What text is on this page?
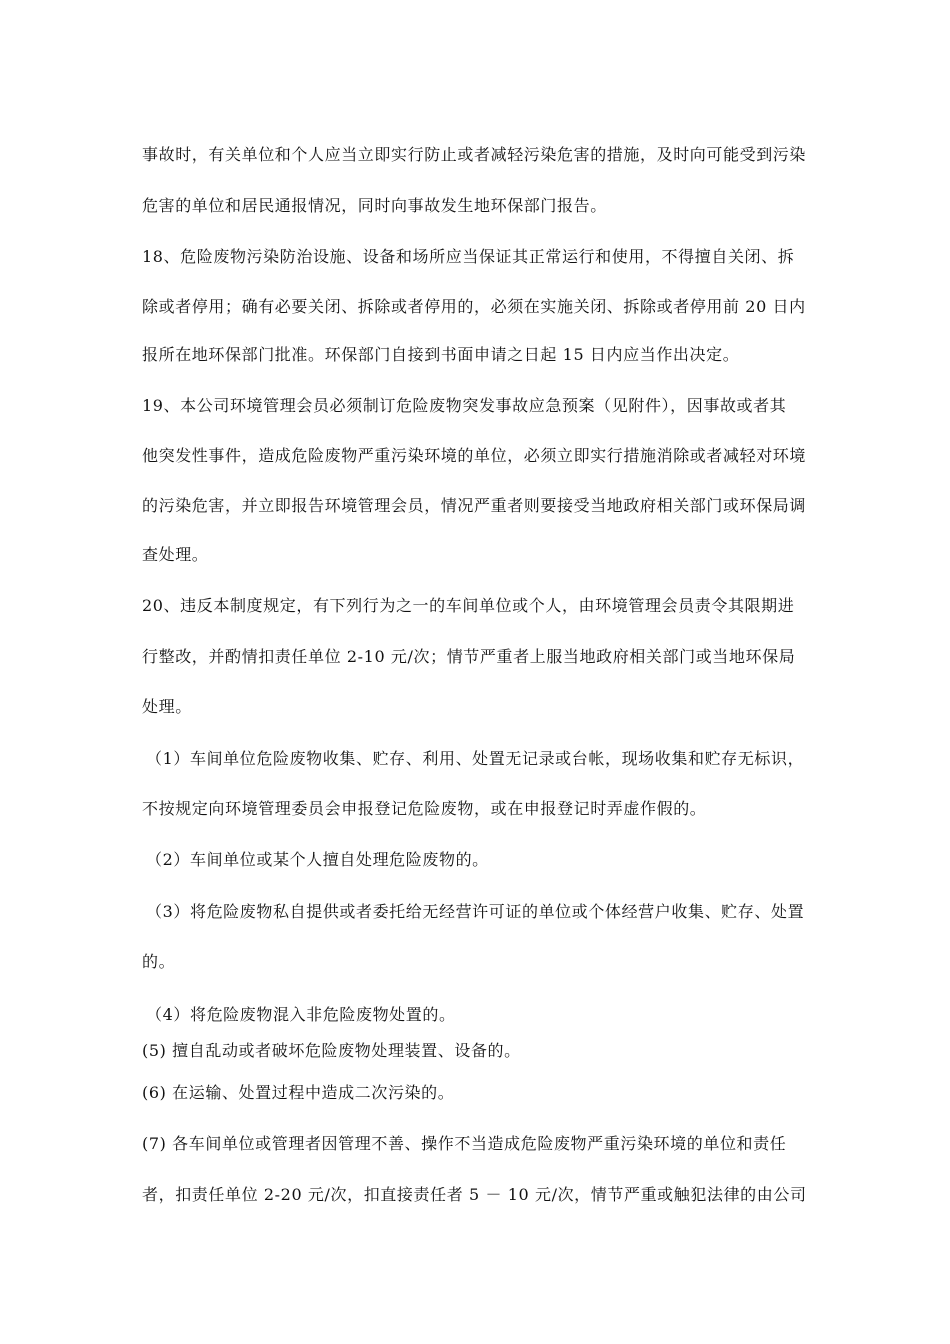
事故时，有关单位和个人应当立即实行防止或者减轻污染危害的措施，及时向可能受到污染
危害的单位和居民通报情况，同时向事故发生地环保部门报告。
18、危险废物污染防治设施、设备和场所应当保证其正常运行和使用，不得擅自关闭、拆
除或者停用；确有必要关闭、拆除或者停用的，必须在实施关闭、拆除或者停用前 20 日内
报所在地环保部门批准。环保部门自接到书面申请之日起 15 日内应当作出决定。
19、本公司环境管理会员必须制订危险废物突发事故应急预案（见附件），因事故或者其
他突发性事件，造成危险废物严重污染环境的单位，必须立即实行措施消除或者减轻对环境
的污染危害，并立即报告环境管理会员，情况严重者则要接受当地政府相关部门或环保局调
查处理。
20、违反本制度规定，有下列行为之一的车间单位或个人，由环境管理会员责令其限期进
行整改，并酌情扣责任单位 2-10 元/次；情节严重者上服当地政府相关部门或当地环保局
处理。
（1）车间单位危险废物收集、贮存、利用、处置无记录或台帐，现场收集和贮存无标识，
不按规定向环境管理委员会申报登记危险废物，或在申报登记时弄虚作假的。
（2）车间单位或某个人擅自处理危险废物的。
（3）将危险废物私自提供或者委托给无经营许可证的单位或个体经营户收集、贮存、处置
的。
（4）将危险废物混入非危险废物处置的。
(5) 擅自乱动或者破坏危险废物处理装置、设备的。
(6) 在运输、处置过程中造成二次污染的。
(7) 各车间单位或管理者因管理不善、操作不当造成危险废物严重污染环境的单位和责任
者，扣责任单位 2-20 元/次，扣直接责任者 5 － 10 元/次，情节严重或触犯法律的由公司
